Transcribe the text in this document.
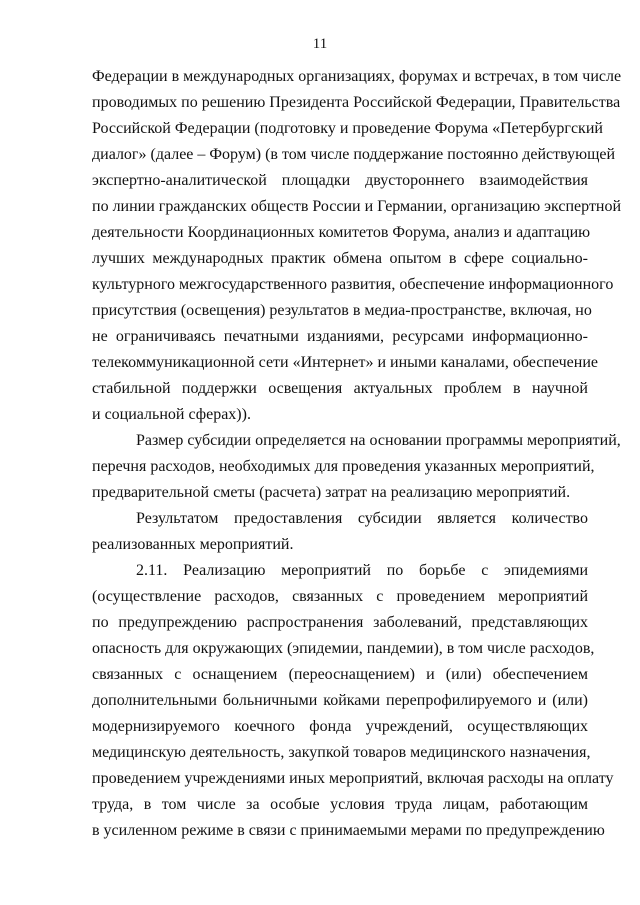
11
Федерации в международных организациях, форумах и встречах, в том числе
проводимых по решению Президента Российской Федерации, Правительства
Российской Федерации (подготовку и проведение Форума «Петербургский
диалог» (далее – Форум) (в том числе поддержание постоянно действующей
экспертно-аналитической площадки двустороннего взаимодействия
по линии гражданских обществ России и Германии, организацию экспертной
деятельности Координационных комитетов Форума, анализ и адаптацию
лучших международных практик обмена опытом в сфере социально-
культурного межгосударственного развития, обеспечение информационного
присутствия (освещения) результатов в медиа-пространстве, включая, но
не ограничиваясь печатными изданиями, ресурсами информационно-
телекоммуникационной сети «Интернет» и иными каналами, обеспечение
стабильной поддержки освещения актуальных проблем в научной
и социальной сферах)).
Размер субсидии определяется на основании программы мероприятий,
перечня расходов, необходимых для проведения указанных мероприятий,
предварительной сметы (расчета) затрат на реализацию мероприятий.
Результатом предоставления субсидии является количество
реализованных мероприятий.
2.11. Реализацию мероприятий по борьбе с эпидемиями
(осуществление расходов, связанных с проведением мероприятий
по предупреждению распространения заболеваний, представляющих
опасность для окружающих (эпидемии, пандемии), в том числе расходов,
связанных с оснащением (переоснащением) и (или) обеспечением
дополнительными больничными койками перепрофилируемого и (или)
модернизируемого коечного фонда учреждений, осуществляющих
медицинскую деятельность, закупкой товаров медицинского назначения,
проведением учреждениями иных мероприятий, включая расходы на оплату
труда, в том числе за особые условия труда лицам, работающим
в усиленном режиме в связи с принимаемыми мерами по предупреждению
